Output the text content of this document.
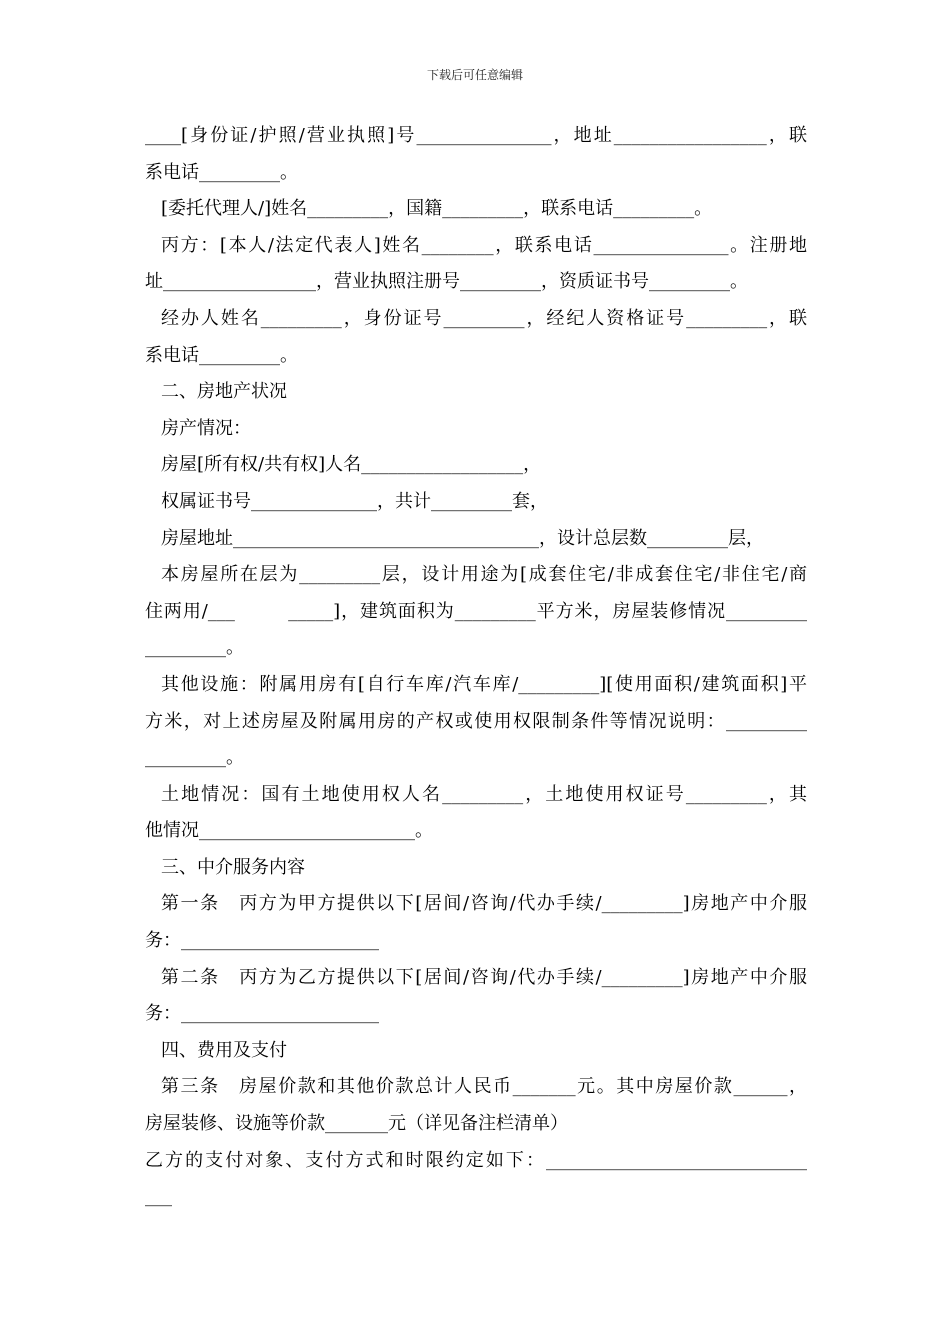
下载后可任意编辑
____[身份证/护照/营业执照]号_______________，地址_________________，联
系电话_________。
[委托代理人/]姓名_________，国籍_________，联系电话_________。
丙方：[本人/法定代表人]姓名________，联系电话_______________。注册地
址_________________，营业执照注册号_________，资质证书号_________。
经办人姓名_________，身份证号_________，经纪人资格证号_________，联
系电话_________。
二、房地产状况
房产情况：
房屋[所有权/共有权]人名__________________，
权属证书号______________，共计_________套，
房屋地址__________________________________，设计总层数_________层，
本房屋所在层为_________层，设计用途为[成套住宅/非成套住宅/非住宅/商
住两用/___        _____]，建筑面积为_________平方米，房屋装修情况_________
_________。
其他设施：附属用房有[自行车库/汽车库/_________][使用面积/建筑面积]平
方米，对上述房屋及附属用房的产权或使用权限制条件等情况说明：_________
_________。
土地情况：国有土地使用权人名_________，土地使用权证号_________，其
他情况________________________。
三、中介服务内容
第一条　丙方为甲方提供以下[居间/咨询/代办手续/_________]房地产中介服
务：______________________
第二条　丙方为乙方提供以下[居间/咨询/代办手续/_________]房地产中介服
务：______________________
四、费用及支付
第三条　房屋价款和其他价款总计人民币_______元。其中房屋价款______，
房屋装修、设施等价款_______元（详见备注栏清单）
乙方的支付对象、支付方式和时限约定如下：_____________________________
___
